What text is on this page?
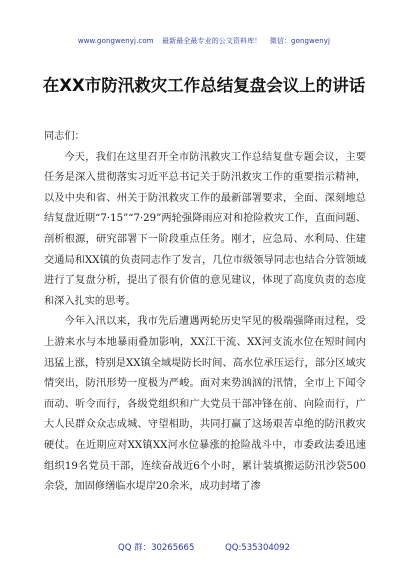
www.gongwenyj.com 最新最全最专业的公文资料库！ 微信：gongwenyj
在XX市防汛救灾工作总结复盘会议上的讲话

同志们：

今天，我们在这里召开全市防汛救灾工作总结复盘专题会议，主要任务是深入贯彻落实习近平总书记关于防汛救灾工作的重要指示精神，以及中央和省、州关于防汛救灾工作的最新部署要求，全面、深刻地总结复盘近期“7·15”“7·29”两轮强降雨应对和抢险救灾工作，直面问题、剖析根源，研究部署下一阶段重点任务。刚才，应急局、水利局、住建交通局和XX镇的负责同志作了发言，几位市级领导同志也结合分管领域进行了复盘分析，提出了很有价值的意见建议，体现了高度负责的态度和深入扎实的思考。

今年入汛以来，我市先后遭遇两轮历史罕见的极端强降雨过程，受上游来水与本地暴雨叠加影响，XX江干流、XX河支流水位在短时间内迅猛上涨，特别是XX镇全域堤防长时间、高水位承压运行，部分区域灾情突出，防汛形势一度极为严峻。面对来势汹汹的汛情，全市上下闻令而动、听令而行，各级党组织和广大党员干部冲锋在前、向险而行，广大人民群众众志成城、守望相助，共同打赢了这场艰苦卓绝的防汛救灾硬仗。在近期应对XX镇XX河水位暴涨的抢险战斗中，市委政法委迅速组织19名党员干部，连续奋战近6个小时，累计装填搬运防汛沙袋500余袋，加固修缮临水堤岸20余米，成功封堵了渗

QQ 群：30265665	QQ:535304092
